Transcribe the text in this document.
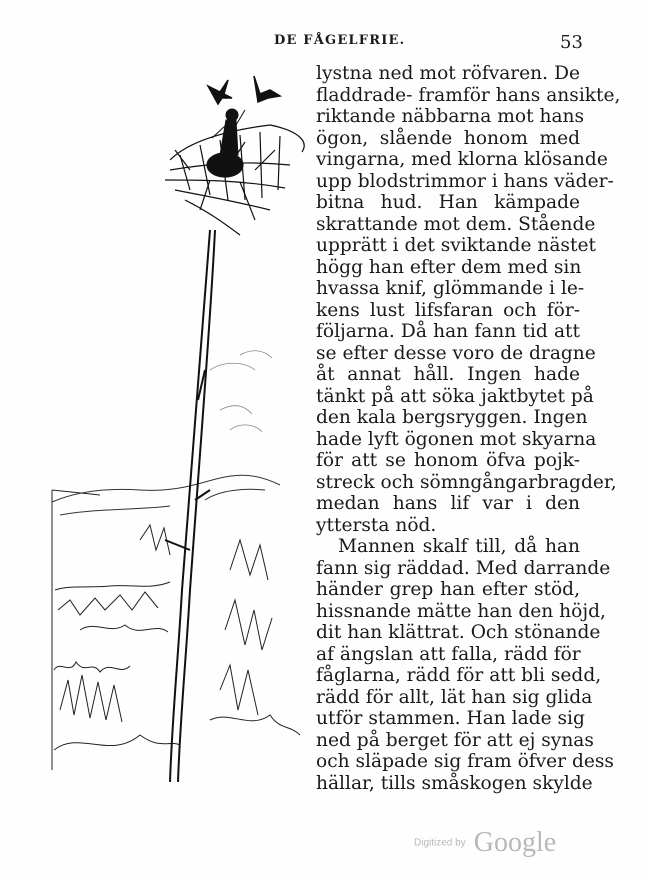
DE FÅGELFRIE.	53
lystna ned mot röfvaren. De
fladdrade- framför hans ansikte,
riktande näbbarna mot hans
ögon, slående honom med
vingarna, med klorna klösande
upp blodstrimmor i hans väder-
bitna hud. Han kämpade
skrattande mot dem. Stående
upprätt i det sviktande nästet
högg han efter dem med sin
hvassa knif, glömmande i le-
kens lust lifsfaran och för-
följarna. Då han fann tid att
se efter desse voro de dragne
åt annat håll. Ingen hade
tänkt på att söka jaktbytet på
den kala bergsryggen. Ingen
hade lyft ögonen mot skyarna
för att se honom öfva pojk-
streck och sömngångarbragder,
medan hans lif var i den
yttersta nöd.
Mannen skalf till, då han
fann sig räddad. Med darrande
händer grep han efter stöd,
hissnande mätte han den höjd,
dit han klättrat. Och stönande
af ängslan att falla, rädd för
fåglarna, rädd för att bli sedd,
rädd för allt, lät han sig glida
utför stammen. Han lade sig
ned på berget för att ej synas
och släpade sig fram öfver dess
hällar, tills småskogen skylde
Digitized by Google
